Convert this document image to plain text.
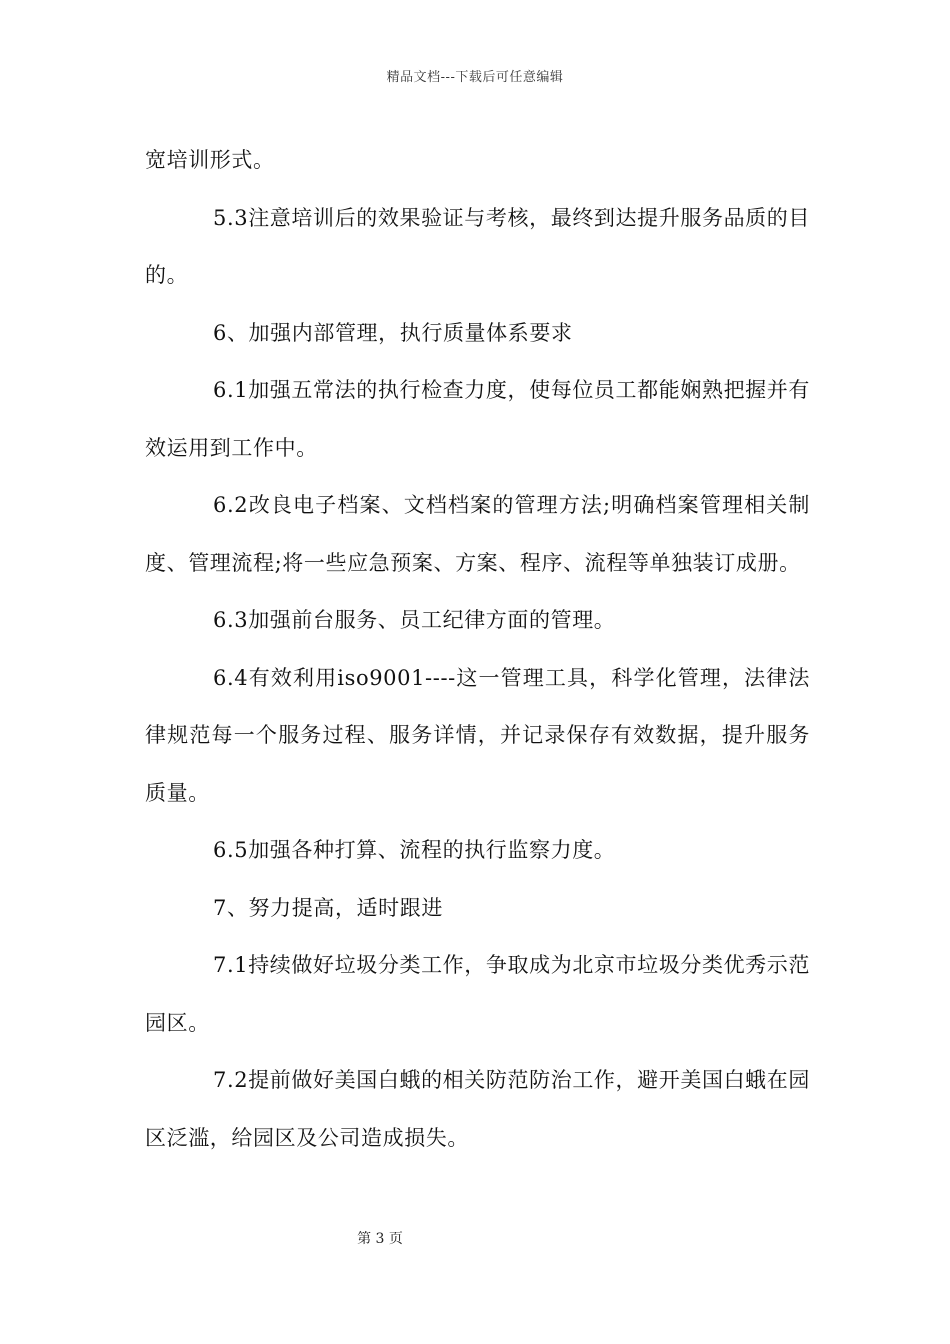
精品文档---下载后可任意编辑

宽培训形式。

5.3注意培训后的效果验证与考核，最终到达提升服务品质的目的。

6、加强内部管理，执行质量体系要求

6.1加强五常法的执行检查力度，使每位员工都能娴熟把握并有效运用到工作中。

6.2改良电子档案、文档档案的管理方法;明确档案管理相关制度、管理流程;将一些应急预案、方案、程序、流程等单独装订成册。

6.3加强前台服务、员工纪律方面的管理。

6.4有效利用iso9001----这一管理工具，科学化管理，法律法律规范每一个服务过程、服务详情，并记录保存有效数据，提升服务质量。

6.5加强各种打算、流程的执行监察力度。

7、努力提高，适时跟进

7.1持续做好垃圾分类工作，争取成为北京市垃圾分类优秀示范园区。

7.2提前做好美国白蛾的相关防范防治工作，避开美国白蛾在园区泛滥，给园区及公司造成损失。

第 3 页
